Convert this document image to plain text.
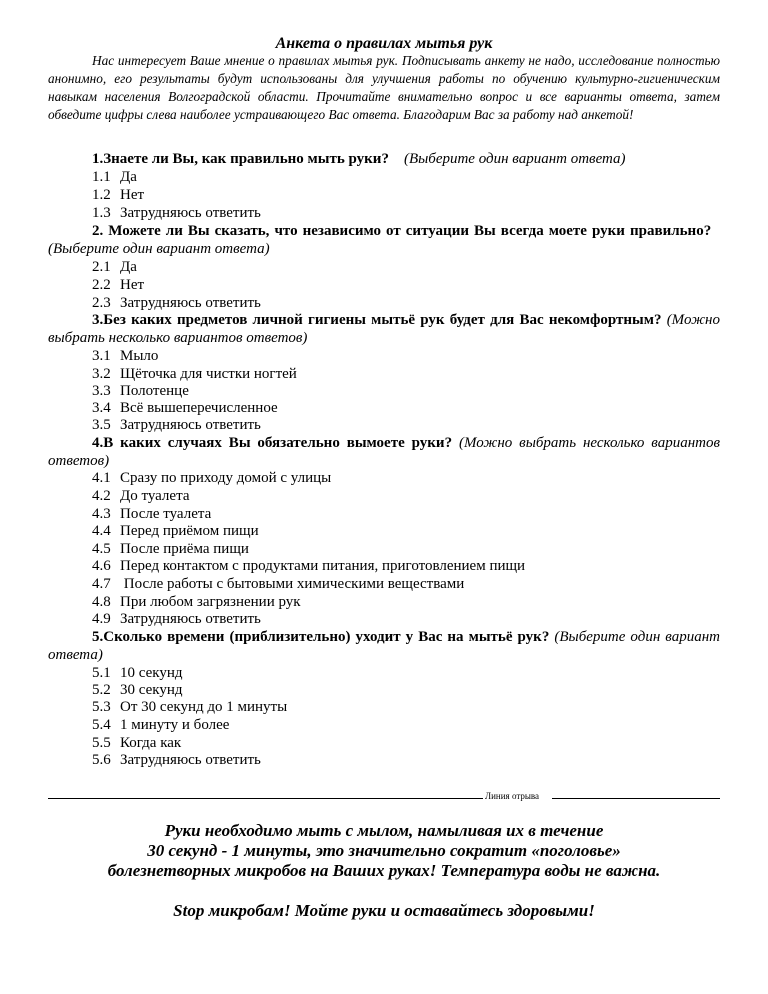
Анкета о правилах мытья рук
Нас интересует Ваше мнение о правилах мытья рук. Подписывать анкету не надо, исследование полностью анонимно, его результаты будут использованы для улучшения работы по обучению культурно-гигиеническим навыкам населения Волгоградской области. Прочитайте внимательно вопрос и все варианты ответа, затем обведите цифры слева наиболее устраивающего Вас ответа. Благодарим Вас за работу над анкетой!
1.Знаете ли Вы, как правильно мыть руки? (Выберите один вариант ответа)
1.1 Да
1.2 Нет
1.3 Затрудняюсь ответить
2. Можете ли Вы сказать, что независимо от ситуации Вы всегда моете руки правильно?   (Выберите один вариант ответа)
2.1 Да
2.2 Нет
2.3 Затрудняюсь ответить
3.Без каких предметов личной гигиены мытьё рук будет для Вас некомфортным? (Можно выбрать несколько вариантов ответов)
3.1 Мыло
3.2 Щёточка для чистки ногтей
3.3 Полотенце
3.4 Всё вышеперечисленное
3.5 Затрудняюсь ответить
4.В каких случаях Вы обязательно вымоете руки? (Можно выбрать несколько вариантов ответов)
4.1 Сразу по приходу домой с улицы
4.2 До туалета
4.3 После туалета
4.4 Перед приёмом пищи
4.5 После приёма пищи
4.6 Перед контактом с продуктами питания, приготовлением пищи
4.7 После работы с бытовыми химическими веществами
4.8 При любом загрязнении рук
4.9 Затрудняюсь ответить
5.Сколько времени (приблизительно) уходит у Вас на мытьё рук? (Выберите один вариант ответа)
5.1 10 секунд
5.2 30 секунд
5.3 От 30 секунд до 1 минуты
5.4 1 минуту и более
5.5 Когда как
5.6 Затрудняюсь ответить
Линия отрыва
Руки необходимо мыть с мылом, намыливая их в течение
30 секунд - 1 минуты, это значительно сократит «поголовье»
болезнетворных микробов на Ваших руках! Температура воды не важна.
Stop микробам! Мойте руки и оставайтесь здоровыми!
